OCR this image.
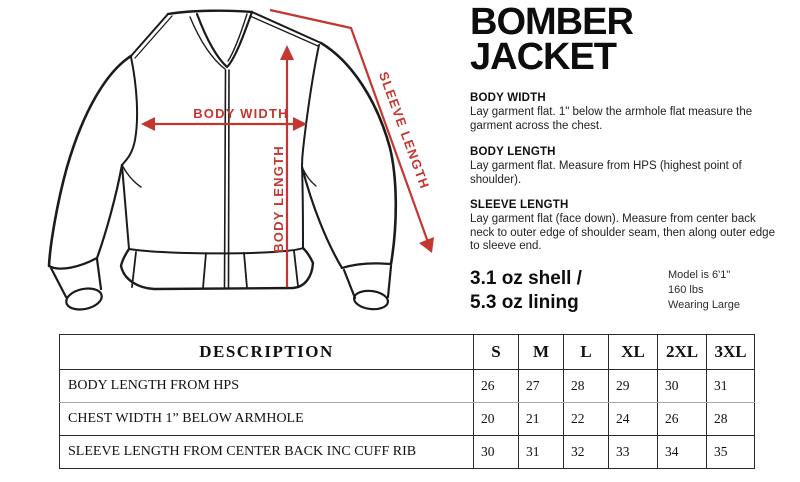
BODY WIDTH
BODY LENGTH
SLEEVE LENGTH
BOMBER
JACKET
BODY WIDTH

Lay garment flat. 1" below the armhole flat measure the garment across the chest.

BODY LENGTH

Lay garment flat. Measure from HPS (highest point of shoulder).

SLEEVE LENGTH

Lay garment flat (face down). Measure from center back neck to outer edge of shoulder seam, then along outer edge to sleeve end.

3.1 oz shell /
5.3 oz lining
Model is 6'1"
160 lbs
Wearing Large
DESCRIPTION	S	M	L	XL	2XL	3XL
BODY LENGTH FROM HPS	26	27	28	29	30	31
CHEST WIDTH 1” BELOW ARMHOLE	20	21	22	24	26	28
SLEEVE LENGTH FROM CENTER BACK INC CUFF RIB	30	31	32	33	34	35
